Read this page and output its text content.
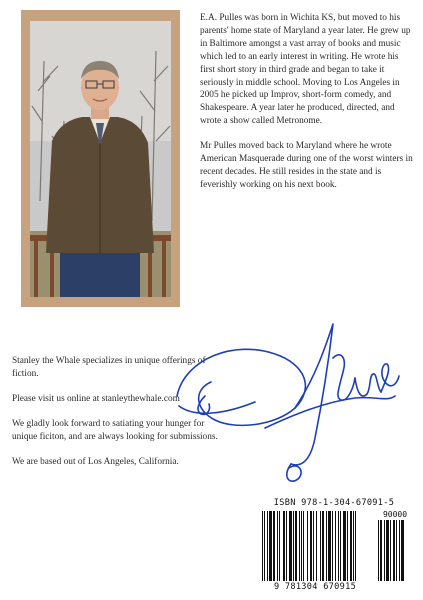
E.A. Pulles was born in Wichita KS, but moved to his parents' home state of Maryland a year later. He grew up in Baltimore amongst a vast array of books and music which led to an early interest in writing. He wrote his first short story in third grade and began to take it seriously in middle school. Moving to Los Angeles in 2005 he picked up Improv, short-form comedy, and Shakespeare. A year later he produced, directed, and wrote a show called Metronome.

Mr Pulles moved back to Maryland where he wrote American Masquerade during one of the worst winters in recent decades. He still resides in the state and is feverishly working on his next book.

Stanley the Whale specializes in unique offerings of fiction.

Please visit us online at stanleythewhale.com

We gladly look forward to satiating your hunger for unique ficiton, and are always looking for submissions.

We are based out of Los Angeles, California.

ISBN 978-1-304-67091-5
90000
9 781304 670915
